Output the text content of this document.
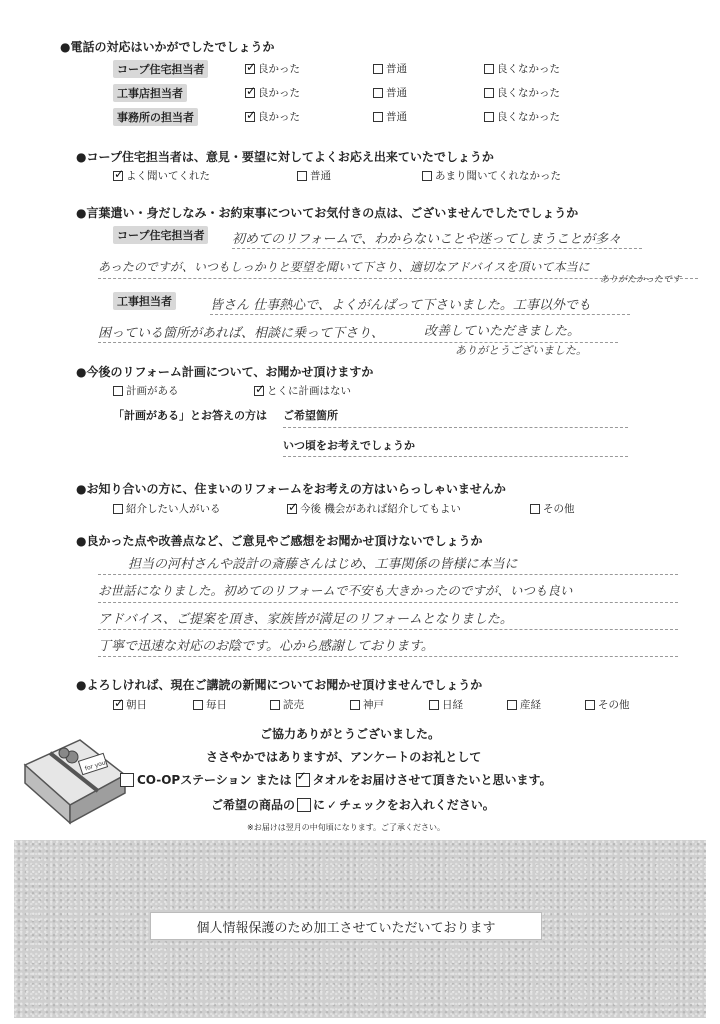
●電話の対応はいかがでしたでしょうか
コープ住宅担当者 ✓	良かった	普通	良くなかった
工事店担当者 ✓	良かった	普通	良くなかった
事務所の担当者 ✓	良かった	普通	良くなかった
●コープ住宅担当者は、意見・要望に対してよくお応え出来ていたでしょうか
✓
よく聞いてくれた	普通	あまり聞いてくれなかった
●言葉遣い・身だしなみ・お約束事についてお気付きの点は、ございませんでしたでしょうか
コープ住宅担当者	初めてのリフォームで、わからないことや迷ってしまうことが多々
あったのですが、いつもしっかりと要望を聞いて下さり、適切なアドバイスを頂いて本当に
ありがたかったです
工事担当者	皆さん 仕事熱心で、よくがんばって下さいました。工事以外でも
困っている箇所があれば、相談に乗って下さり、	改善していただきました。
ありがとうございました。
●今後のリフォーム計画について、お聞かせ頂けますか
計画がある ✓	とくに計画はない
「計画がある」とお答えの方は ご希望箇所
いつ頃をお考えでしょうか
●お知り合いの方に、住まいのリフォームをお考えの方はいらっしゃいませんか
紹介したい人がいる ✓	今後 機会があれば紹介してもよい	その他
●良かった点や改善点など、ご意見やご感想をお聞かせ頂けないでしょうか
担当の河村さんや設計の斎藤さんはじめ、工事関係の皆様に本当に
お世話になりました。初めてのリフォームで不安も大きかったのですが、いつも良い
アドバイス、ご提案を頂き、家族皆が満足のリフォームとなりました。
丁寧で迅速な対応のお陰です。心から感謝しております。
●よろしければ、現在ご講読の新聞についてお聞かせ頂けませんでしょうか
✓
朝日	毎日	読売	神戸	日経	産経	その他
for you
ご協力ありがとうございました。
ささやかではありますが、アンケートのお礼として
CO-OPステーション または ✓ タオル をお届けさせて頂きたいと思います。
ご希望の商品の に ✓ チェックをお入れください。
※お届けは翌月の中旬頃になります。ご了承ください。
個人情報保護のため加工させていただいております
